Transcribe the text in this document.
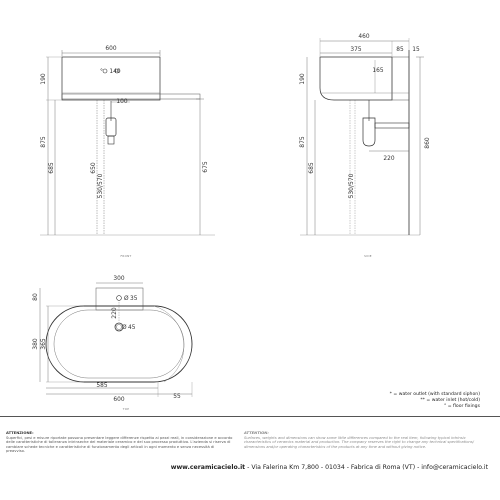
600
140
100
190
875
685	650
530/570
675
FRONT
460
375	85 15
190
165
875
685
220
530/570
860
SIDE
300
80	35
220
45
380 365
585
600	55
TOP
°
Ø
Ø
* = water outlet (with standard siphon)
** = water inlet (hot/cold)
° = floor fixings
ATTENZIONE:
Superfici, pesi e misure riportate possono presentare leggere differenze rispetto ai pezzi reali, in considerazione e accordo delle caratteristiche di tolleranza intrinseche del materiale ceramico e del suo processo produttivo. L'azienda si riserva di cambiare schede tecniche e caratteristiche di funzionamento degli articoli in ogni momento e senza necessità di preavviso.
ATTENTION:
Surfaces, weights and dimensions can show some little differences compared to the real item, following typical intrinsic characteristics of ceramics material and production. The company reserves the right to change any technical specifications/ dimensions and/or operating characteristics of the products at any time and without giving notice.
www.ceramicacielo.it - Via Falerina Km 7,800 - 01034 - Fabrica di Roma (VT) - info@ceramicacielo.it
